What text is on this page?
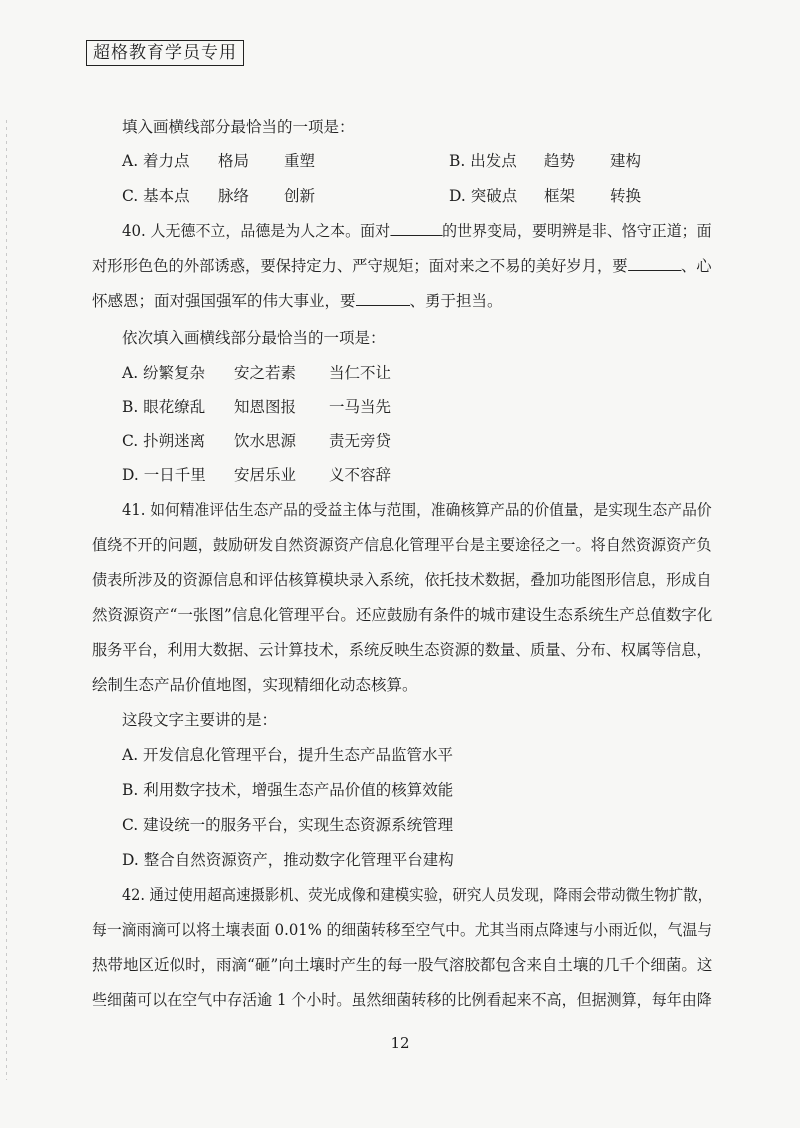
超格教育学员专用
填入画横线部分最恰当的一项是：
A. 着力点 格局 重塑	B. 出发点 趋势 建构
C. 基本点 脉络 创新	D. 突破点 框架 转换
40. 人无德不立，品德是为人之本。面对	的世界变局，要明辨是非、恪守正道；面
对形形色色的外部诱惑，要保持定力、严守规矩；面对来之不易的美好岁月，要	、心
怀感恩；面对强国强军的伟大事业，要	、勇于担当。
依次填入画横线部分最恰当的一项是：
A. 纷繁复杂 安之若素 当仁不让
B. 眼花缭乱 知恩图报 一马当先
C. 扑朔迷离 饮水思源 责无旁贷
D. 一日千里 安居乐业 义不容辞
41. 如何精准评估生态产品的受益主体与范围，准确核算产品的价值量，是实现生态产品价
值绕不开的问题，鼓励研发自然资源资产信息化管理平台是主要途径之一。将自然资源资产负
债表所涉及的资源信息和评估核算模块录入系统，依托技术数据，叠加功能图形信息，形成自
然资源资产“一张图”信息化管理平台。还应鼓励有条件的城市建设生态系统生产总值数字化
服务平台，利用大数据、云计算技术，系统反映生态资源的数量、质量、分布、权属等信息，
绘制生态产品价值地图，实现精细化动态核算。
这段文字主要讲的是：
A. 开发信息化管理平台，提升生态产品监管水平
B. 利用数字技术，增强生态产品价值的核算效能
C. 建设统一的服务平台，实现生态资源系统管理
D. 整合自然资源资产，推动数字化管理平台建构
42. 通过使用超高速摄影机、荧光成像和建模实验，研究人员发现，降雨会带动微生物扩散，
每一滴雨滴可以将土壤表面 0.01% 的细菌转移至空气中。尤其当雨点降速与小雨近似，气温与
热带地区近似时，雨滴“砸”向土壤时产生的每一股气溶胶都包含来自土壤的几千个细菌。这
些细菌可以在空气中存活逾 1 个小时。虽然细菌转移的比例看起来不高，但据测算，每年由降
12
